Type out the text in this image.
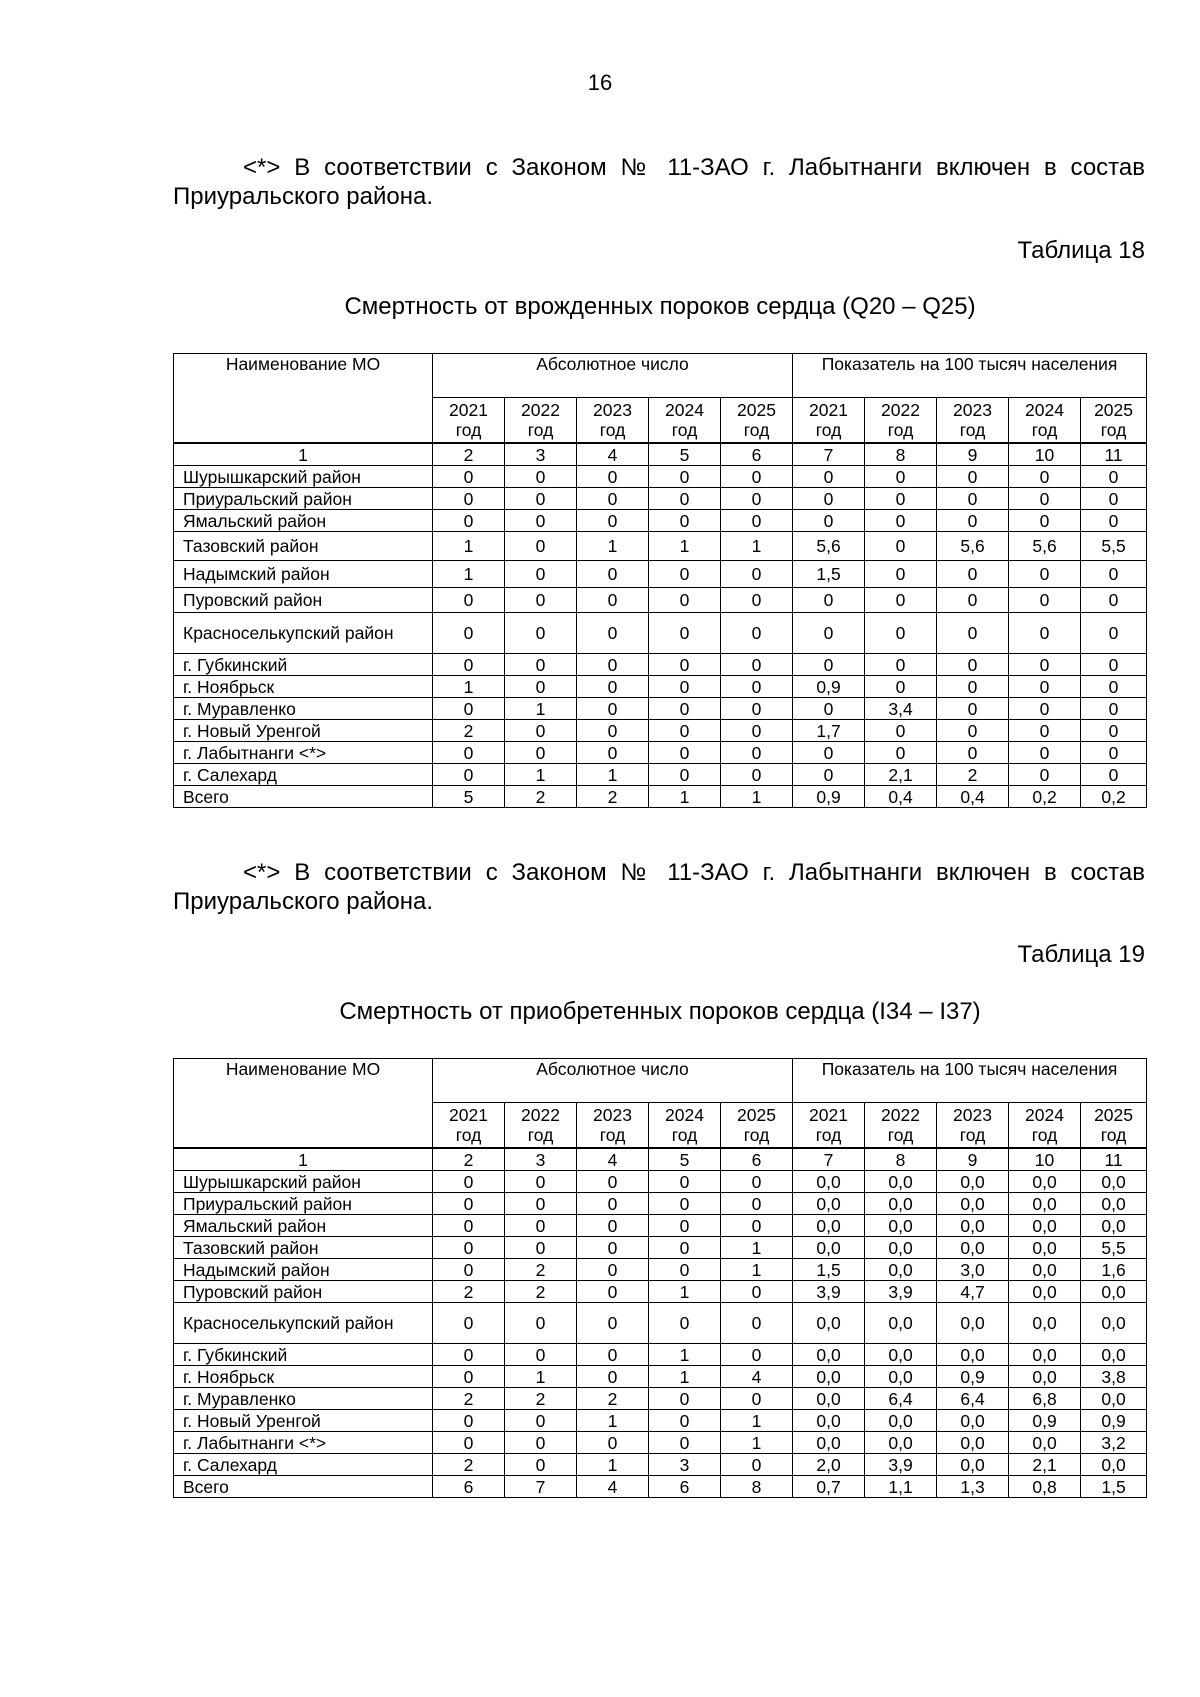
16
<*> В соответствии с Законом № 11-ЗАО г. Лабытнанги включен в состав Приуральского района.
Таблица 18
Смертность от врожденных пороков сердца (Q20 – Q25)
Наименование МО	Абсолютное число					Показатель на 100 тысяч населения				
	2021 год	2022 год	2023 год	2024 год	2025 год	2021 год	2022 год	2023 год	2024 год	2025 год
1	2	3	4	5	6	7	8	9	10	11
Шурышкарский район	0	0	0	0	0	0	0	0	0	0
Приуральский район	0	0	0	0	0	0	0	0	0	0
Ямальский район	0	0	0	0	0	0	0	0	0	0
Тазовский район	1	0	1	1	1	5,6	0	5,6	5,6	5,5
Надымский район	1	0	0	0	0	1,5	0	0	0	0
Пуровский район	0	0	0	0	0	0	0	0	0	0
Красноселькупский район	0	0	0	0	0	0	0	0	0	0
г. Губкинский	0	0	0	0	0	0	0	0	0	0
г. Ноябрьск	1	0	0	0	0	0,9	0	0	0	0
г. Муравленко	0	1	0	0	0	0	3,4	0	0	0
г. Новый Уренгой	2	0	0	0	0	1,7	0	0	0	0
г. Лабытнанги <*>	0	0	0	0	0	0	0	0	0	0
г. Салехард	0	1	1	0	0	0	2,1	2	0	0
Всего	5	2	2	1	1	0,9	0,4	0,4	0,2	0,2
<*> В соответствии с Законом № 11-ЗАО г. Лабытнанги включен в состав Приуральского района.
Таблица 19
Смертность от приобретенных пороков сердца (I34 – I37)
Наименование МО	Абсолютное число					Показатель на 100 тысяч населения				
	2021 год	2022 год	2023 год	2024 год	2025 год	2021 год	2022 год	2023 год	2024 год	2025 год
1	2	3	4	5	6	7	8	9	10	11
Шурышкарский район	0	0	0	0	0	0,0	0,0	0,0	0,0	0,0
Приуральский район	0	0	0	0	0	0,0	0,0	0,0	0,0	0,0
Ямальский район	0	0	0	0	0	0,0	0,0	0,0	0,0	0,0
Тазовский район	0	0	0	0	1	0,0	0,0	0,0	0,0	5,5
Надымский район	0	2	0	0	1	1,5	0,0	3,0	0,0	1,6
Пуровский район	2	2	0	1	0	3,9	3,9	4,7	0,0	0,0
Красноселькупский район	0	0	0	0	0	0,0	0,0	0,0	0,0	0,0
г. Губкинский	0	0	0	1	0	0,0	0,0	0,0	0,0	0,0
г. Ноябрьск	0	1	0	1	4	0,0	0,0	0,9	0,0	3,8
г. Муравленко	2	2	2	0	0	0,0	6,4	6,4	6,8	0,0
г. Новый Уренгой	0	0	1	0	1	0,0	0,0	0,0	0,9	0,9
г. Лабытнанги <*>	0	0	0	0	1	0,0	0,0	0,0	0,0	3,2
г. Салехард	2	0	1	3	0	2,0	3,9	0,0	2,1	0,0
Всего	6	7	4	6	8	0,7	1,1	1,3	0,8	1,5
